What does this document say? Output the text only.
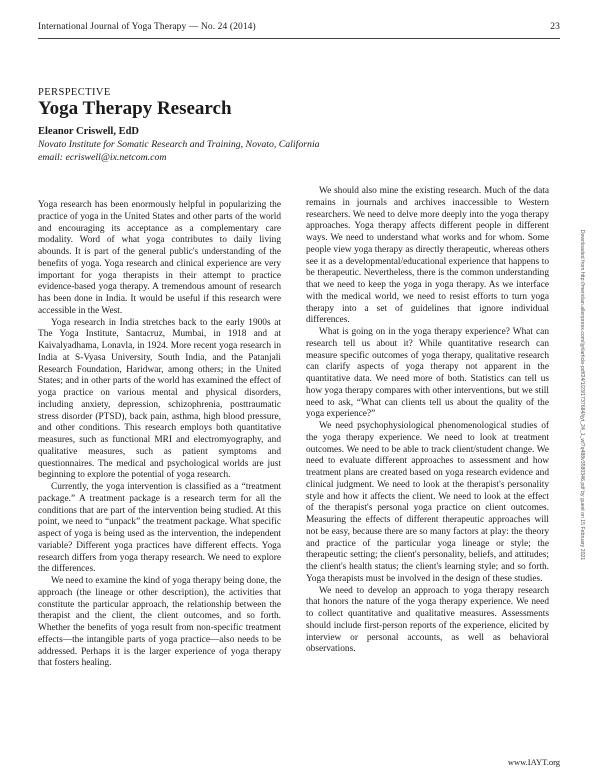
International Journal of Yoga Therapy — No. 24 (2014)	23
PERSPECTIVE
Yoga Therapy Research
Eleanor Criswell, EdD
Novato Institute for Somatic Research and Training, Novato, California
email: ecriswell@ix.netcom.com

Yoga research has been enormously helpful in popularizing the practice of yoga in the United States and other parts of the world and encouraging its acceptance as a complementary care modality. Word of what yoga contributes to daily living abounds. It is part of the general public's understanding of the benefits of yoga. Yoga research and clinical experience are very important for yoga therapists in their attempt to practice evidence-based yoga therapy. A tremendous amount of research has been done in India. It would be useful if this research were accessible in the West.

Yoga research in India stretches back to the early 1900s at The Yoga Institute, Santacruz, Mumbai, in 1918 and at Kaivalyadhama, Lonavla, in 1924. More recent yoga research in India at S-Vyasa University, South India, and the Patanjali Research Foundation, Haridwar, among others; in the United States; and in other parts of the world has examined the effect of yoga practice on various mental and physical disorders, including anxiety, depression, schizophrenia, posttraumatic stress disorder (PTSD), back pain, asthma, high blood pressure, and other conditions. This research employs both quantitative measures, such as functional MRI and electromyography, and qualitative measures, such as patient symptoms and questionnaires. The medical and psychological worlds are just beginning to explore the potential of yoga research.

Currently, the yoga intervention is classified as a “treatment package.” A treatment package is a research term for all the conditions that are part of the intervention being studied. At this point, we need to “unpack” the treatment package. What specific aspect of yoga is being used as the intervention, the independent variable? Different yoga practices have different effects. Yoga research differs from yoga therapy research. We need to explore the differences.

We need to examine the kind of yoga therapy being done, the approach (the lineage or other description), the activities that constitute the particular approach, the relationship between the therapist and the client, the client outcomes, and so forth. Whether the benefits of yoga result from non-specific treatment effects—the intangible parts of yoga practice—also needs to be addressed. Perhaps it is the larger experience of yoga therapy that fosters healing.

We should also mine the existing research. Much of the data remains in journals and archives inaccessible to Western researchers. We need to delve more deeply into the yoga therapy approaches. Yoga therapy affects different people in different ways. We need to understand what works and for whom. Some people view yoga therapy as directly therapeutic, whereas others see it as a developmental/educational experience that happens to be therapeutic. Nevertheless, there is the common understanding that we need to keep the yoga in yoga therapy. As we interface with the medical world, we need to resist efforts to turn yoga therapy into a set of guidelines that ignore individual differences.

What is going on in the yoga therapy experience? What can research tell us about it? While quantitative research can measure specific outcomes of yoga therapy, qualitative research can clarify aspects of yoga therapy not apparent in the quantitative data. We need more of both. Statistics can tell us how yoga therapy compares with other interventions, but we still need to ask, “What can clients tell us about the quality of the yoga experience?”

We need psychophysiological phenomenological studies of the yoga therapy experience. We need to look at treatment outcomes. We need to be able to track client/student change. We need to evaluate different approaches to assessment and how treatment plans are created based on yoga research evidence and clinical judgment. We need to look at the therapist's personality style and how it affects the client. We need to look at the effect of the therapist's personal yoga practice on client outcomes. Measuring the effects of different therapeutic approaches will not be easy, because there are so many factors at play: the theory and practice of the particular yoga lineage or style; the therapeutic setting; the client's personality, beliefs, and attitudes; the client's health status; the client's learning style; and so forth. Yoga therapists must be involved in the design of these studies.

We need to develop an approach to yoga therapy research that honors the nature of the yoga therapy experience. We need to collect quantitative and qualitative measures. Assessments should include first-person reports of the experience, elicited by interview or personal accounts, as well as behavioral observations.

Downloaded from http://meridian.allenpress.com/ijyt/article-pdf/24/1/23/1737684/ijyt_24_1_wf7q488v3580346.pdf by guest on 15 February 2021
www.IAYT.org
